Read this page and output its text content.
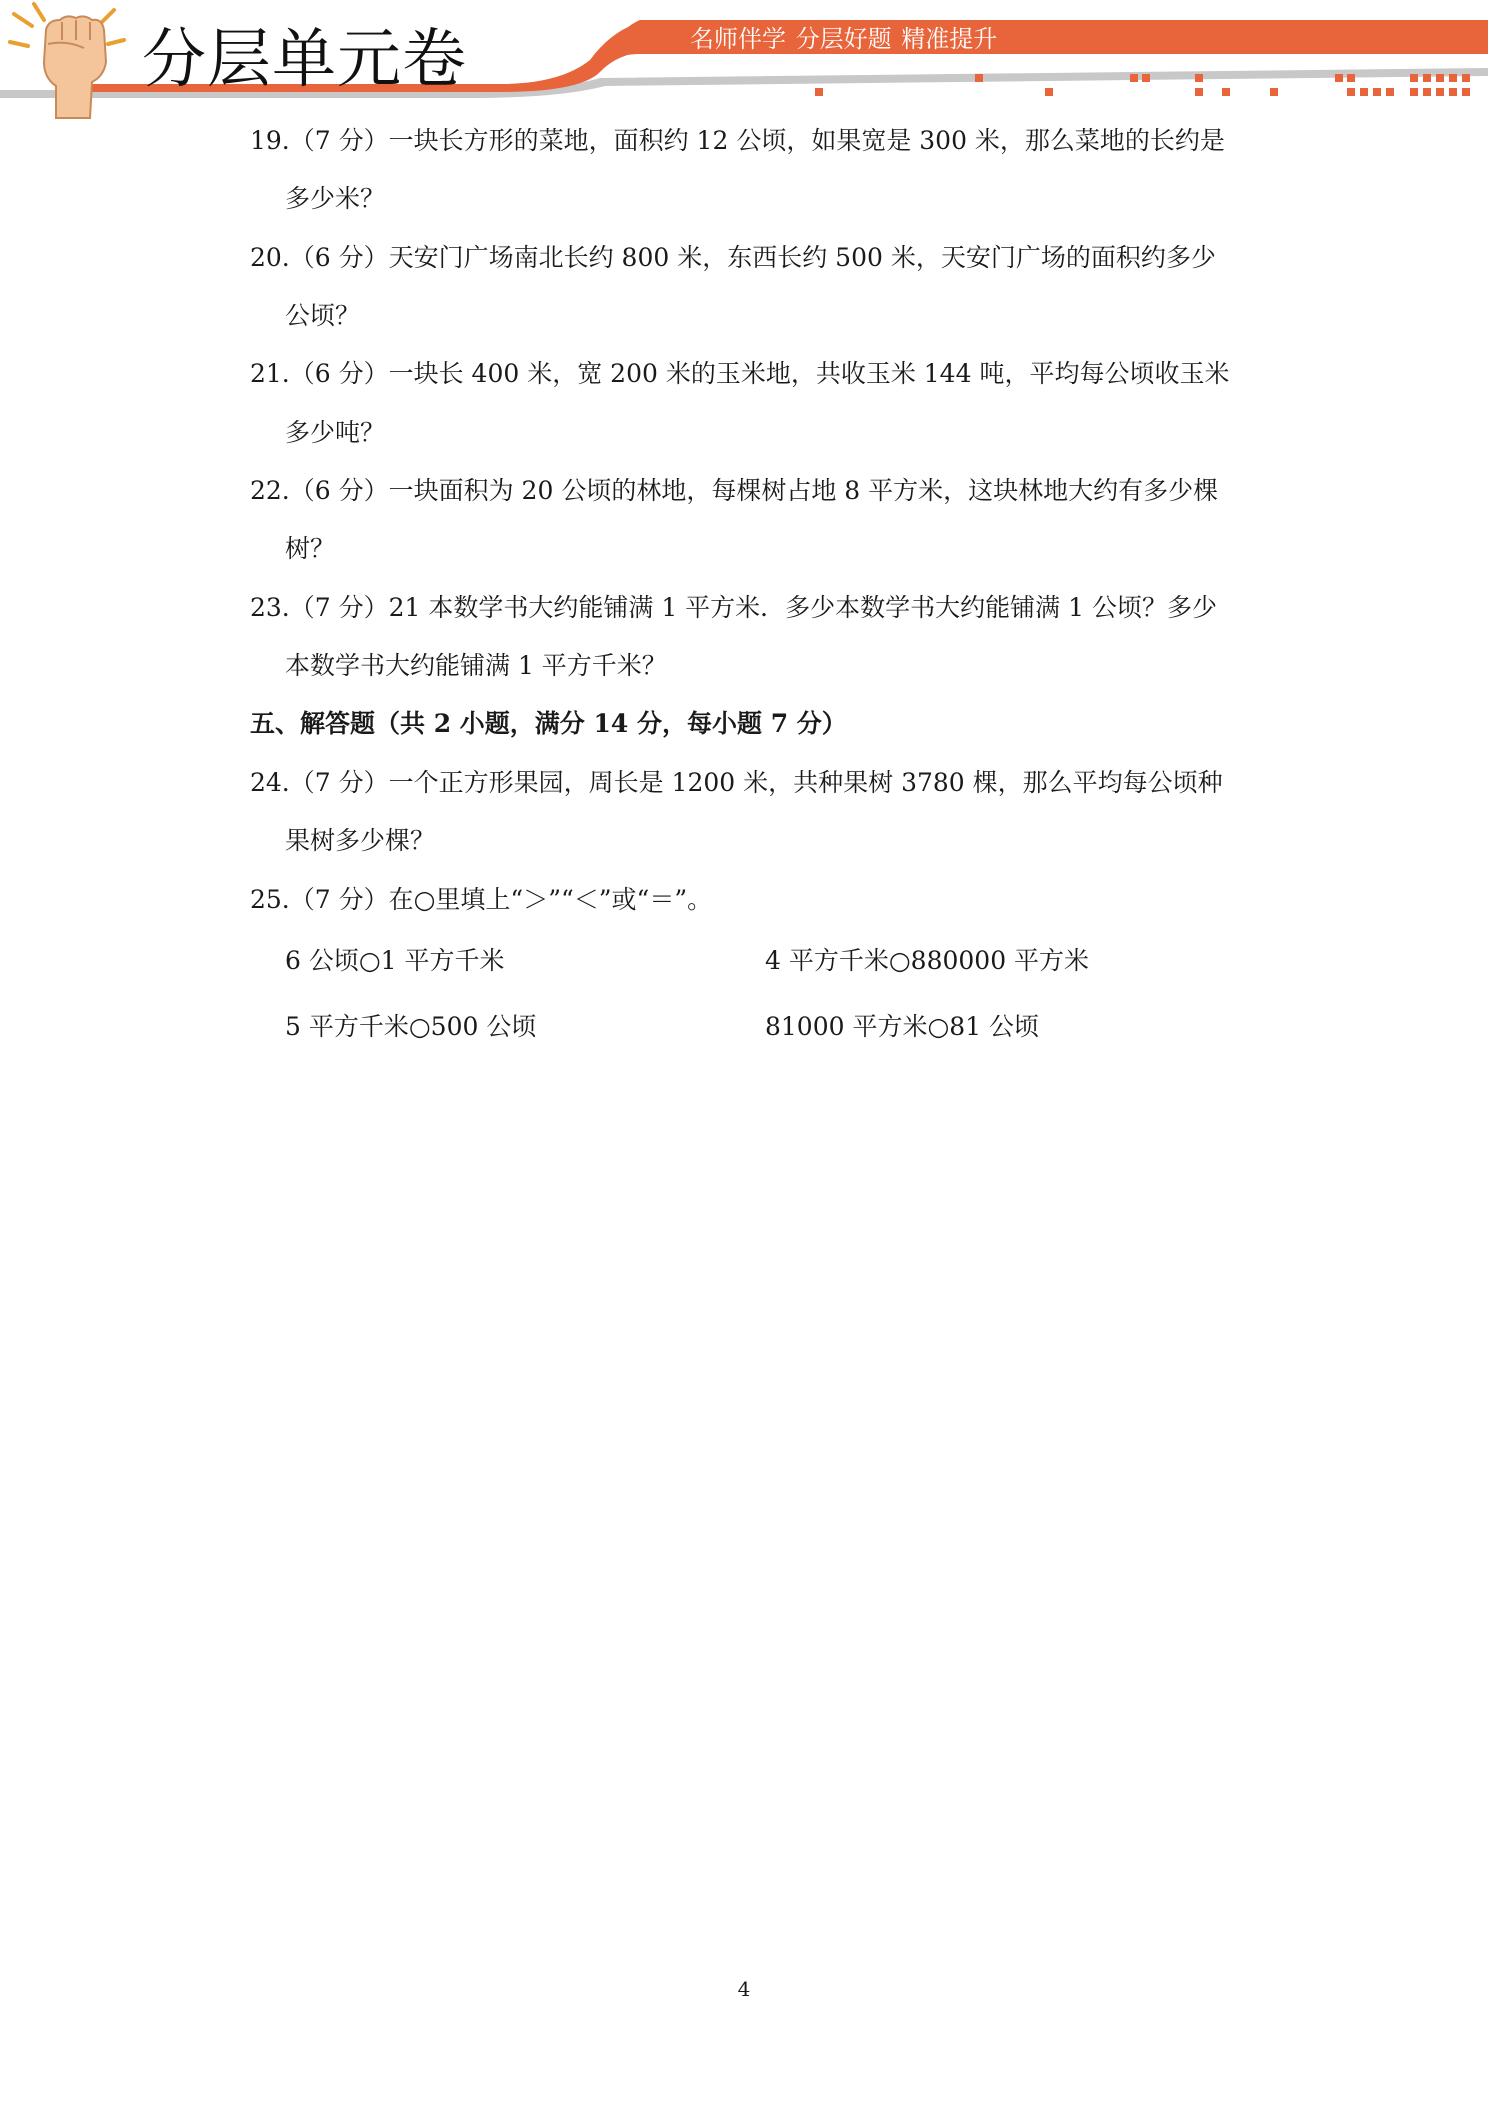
分层单元卷	名师伴学 分层好题 精准提升
19.（7 分）一块长方形的菜地，面积约 12 公顷，如果宽是 300 米，那么菜地的长约是
多少米？
20.（6 分）天安门广场南北长约 800 米，东西长约 500 米，天安门广场的面积约多少
公顷？
21.（6 分）一块长 400 米，宽 200 米的玉米地，共收玉米 144 吨，平均每公顷收玉米
多少吨？
22.（6 分）一块面积为 20 公顷的林地，每棵树占地 8 平方米，这块林地大约有多少棵
树？
23.（7 分）21 本数学书大约能铺满 1 平方米．多少本数学书大约能铺满 1 公顷？多少
本数学书大约能铺满 1 平方千米？
五、解答题（共 2 小题，满分 14 分，每小题 7 分）
24.（7 分）一个正方形果园，周长是 1200 米，共种果树 3780 棵，那么平均每公顷种
果树多少棵？
25.（7 分）在○里填上“＞”“＜”或“＝”。
6 公顷○1 平方千米	4 平方千米○880000 平方米
5 平方千米○500 公顷	81000 平方米○81 公顷
4
